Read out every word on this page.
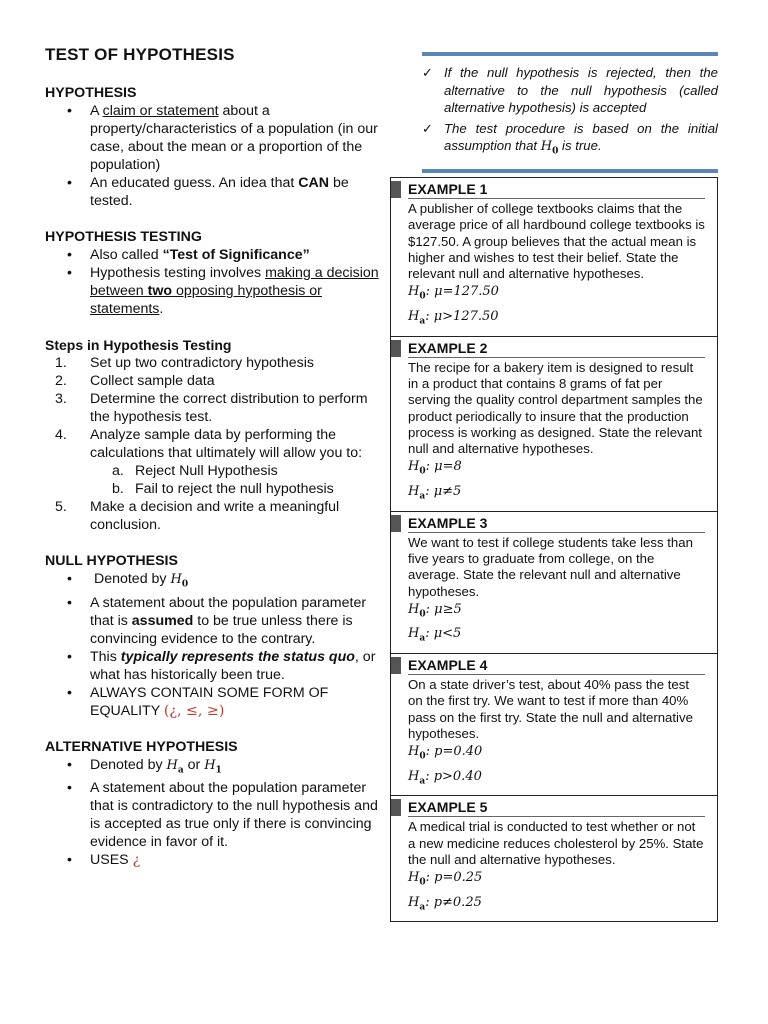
TEST OF HYPOTHESIS
HYPOTHESIS
• A claim or statement about a property/characteristics of a population (in our case, about the mean or a proportion of the population)
• An educated guess. An idea that CAN be tested.
HYPOTHESIS TESTING
• Also called “Test of Significance”
• Hypothesis testing involves making a decision between two opposing hypothesis or statements.
Steps in Hypothesis Testing
1. Set up two contradictory hypothesis
2. Collect sample data
3. Determine the correct distribution to perform the hypothesis test.
4. Analyze sample data by performing the calculations that ultimately will allow you to:
a. Reject Null Hypothesis
b. Fail to reject the null hypothesis
5. Make a decision and write a meaningful conclusion.
NULL HYPOTHESIS
• Denoted by $H_0$
• A statement about the population parameter that is assumed to be true unless there is convincing evidence to the contrary.
• This typically represents the status quo, or what has historically been true.
• ALWAYS CONTAIN SOME FORM OF EQUALITY (¿, ≤, ≥)
ALTERNATIVE HYPOTHESIS
• Denoted by $H_a$ or $H_1$
• A statement about the population parameter that is contradictory to the null hypothesis and is accepted as true only if there is convincing evidence in favor of it.
• USES ¿
✓ If the null hypothesis is rejected, then the alternative to the null hypothesis (called alternative hypothesis) is accepted
✓ The test procedure is based on the initial assumption that $H_0$ is true.
EXAMPLE 1
A publisher of college textbooks claims that the average price of all hardbound college textbooks is $127.50. A group believes that the actual mean is higher and wishes to test their belief. State the relevant null and alternative hypotheses.
$H_0$: μ=127.50
$H_a$: μ>127.50
EXAMPLE 2
The recipe for a bakery item is designed to result in a product that contains 8 grams of fat per serving the quality control department samples the product periodically to insure that the production process is working as designed. State the relevant null and alternative hypotheses.
$H_0$: μ=8
$H_a$: μ≠5
EXAMPLE 3
We want to test if college students take less than five years to graduate from college, on the average. State the relevant null and alternative hypotheses.
$H_0$: μ≥5
$H_a$: μ<5
EXAMPLE 4
On a state driver’s test, about 40% pass the test on the first try. We want to test if more than 40% pass on the first try. State the null and alternative hypotheses.
$H_0$: p=0.40
$H_a$: p>0.40
EXAMPLE 5
A medical trial is conducted to test whether or not a new medicine reduces cholesterol by 25%. State the null and alternative hypotheses.
$H_0$: p=0.25
$H_a$: p≠0.25
